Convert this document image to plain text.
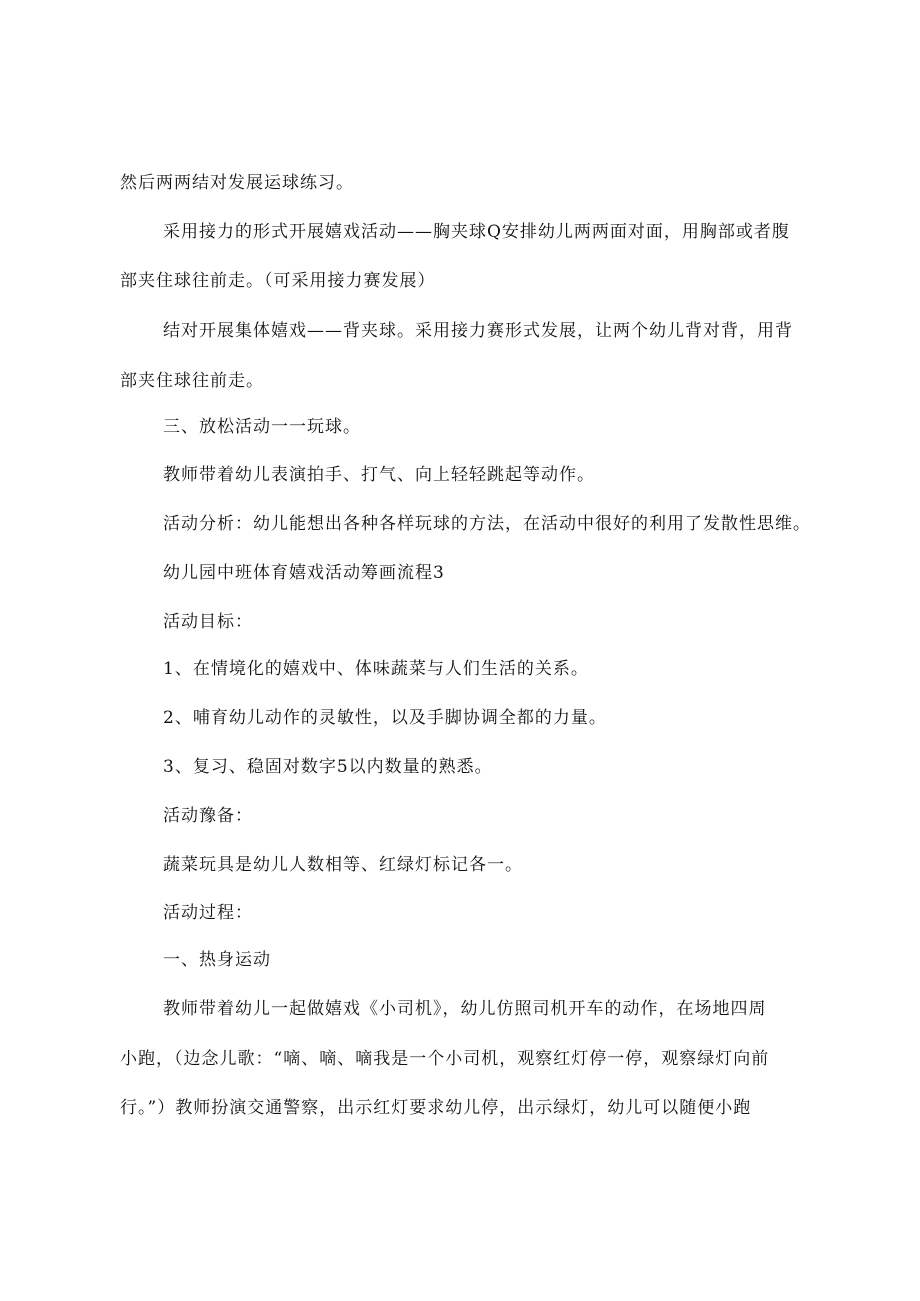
然后两两结对发展运球练习。

采用接力的形式开展嬉戏活动——胸夹球Q安排幼儿两两面对面，用胸部或者腹

部夹住球往前走。（可采用接力赛发展）

结对开展集体嬉戏——背夹球。采用接力赛形式发展，让两个幼儿背对背，用背

部夹住球往前走。

三、放松活动一一玩球。

教师带着幼儿表演拍手、打气、向上轻轻跳起等动作。

活动分析：幼儿能想出各种各样玩球的方法，在活动中很好的利用了发散性思维。

幼儿园中班体育嬉戏活动筹画流程3

活动目标：

1、在情境化的嬉戏中、体味蔬菜与人们生活的关系。

2、哺育幼儿动作的灵敏性，以及手脚协调全都的力量。

3、复习、稳固对数字5以内数量的熟悉。

活动豫备：

蔬菜玩具是幼儿人数相等、红绿灯标记各一。

活动过程：

一、热身运动

教师带着幼儿一起做嬉戏《小司机》，幼儿仿照司机开车的动作，在场地四周

小跑，（边念儿歌：“嘀、嘀、嘀我是一个小司机，观察红灯停一停，观察绿灯向前

行。”）教师扮演交通警察，出示红灯要求幼儿停，出示绿灯，幼儿可以随便小跑
